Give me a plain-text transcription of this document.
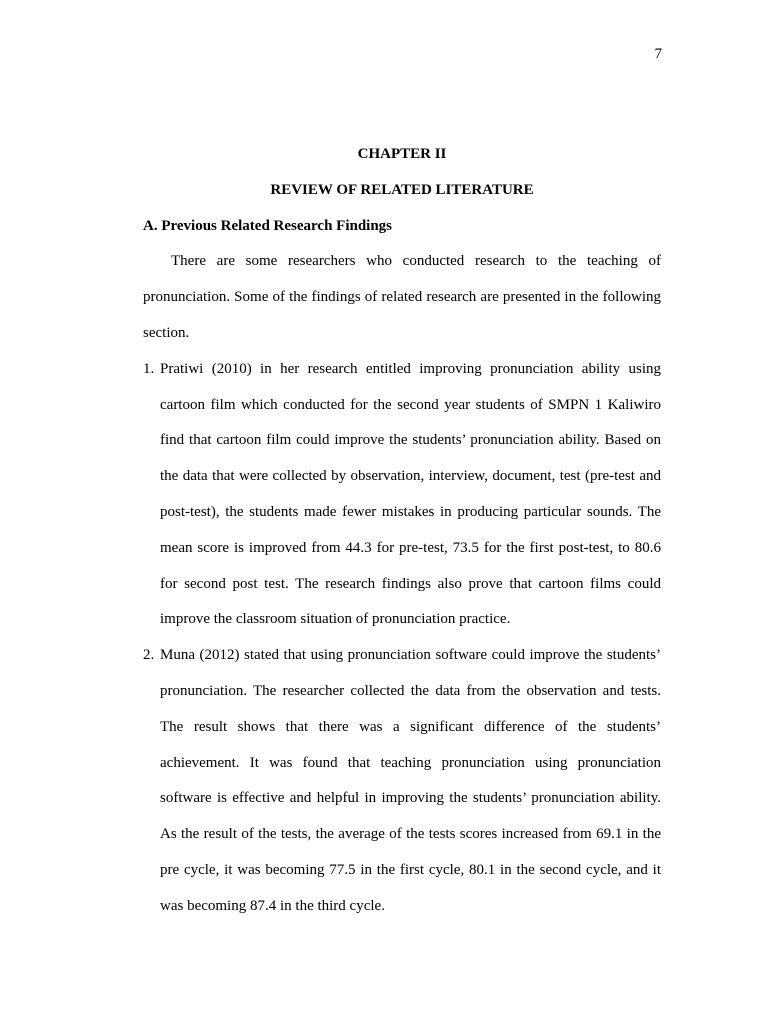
7

CHAPTER II

REVIEW OF RELATED LITERATURE

A. Previous Related Research Findings

There are some researchers who conducted research to the teaching of pronunciation. Some of the findings of related research are presented in the following section.

1. Pratiwi (2010) in her research entitled improving pronunciation ability using cartoon film which conducted for the second year students of SMPN 1 Kaliwiro find that cartoon film could improve the students’ pronunciation ability. Based on the data that were collected by observation, interview, document, test (pre-test and post-test), the students made fewer mistakes in producing particular sounds. The mean score is improved from 44.3 for pre-test, 73.5 for the first post-test, to 80.6 for second post test. The research findings also prove that cartoon films could improve the classroom situation of pronunciation practice.
2. Muna (2012) stated that using pronunciation software could improve the students’ pronunciation. The researcher collected the data from the observation and tests. The result shows that there was a significant difference of the students’ achievement. It was found that teaching pronunciation using pronunciation software is effective and helpful in improving the students’ pronunciation ability. As the result of the tests, the average of the tests scores increased from 69.1 in the pre cycle, it was becoming 77.5 in the first cycle, 80.1 in the second cycle, and it was becoming 87.4 in the third cycle.
